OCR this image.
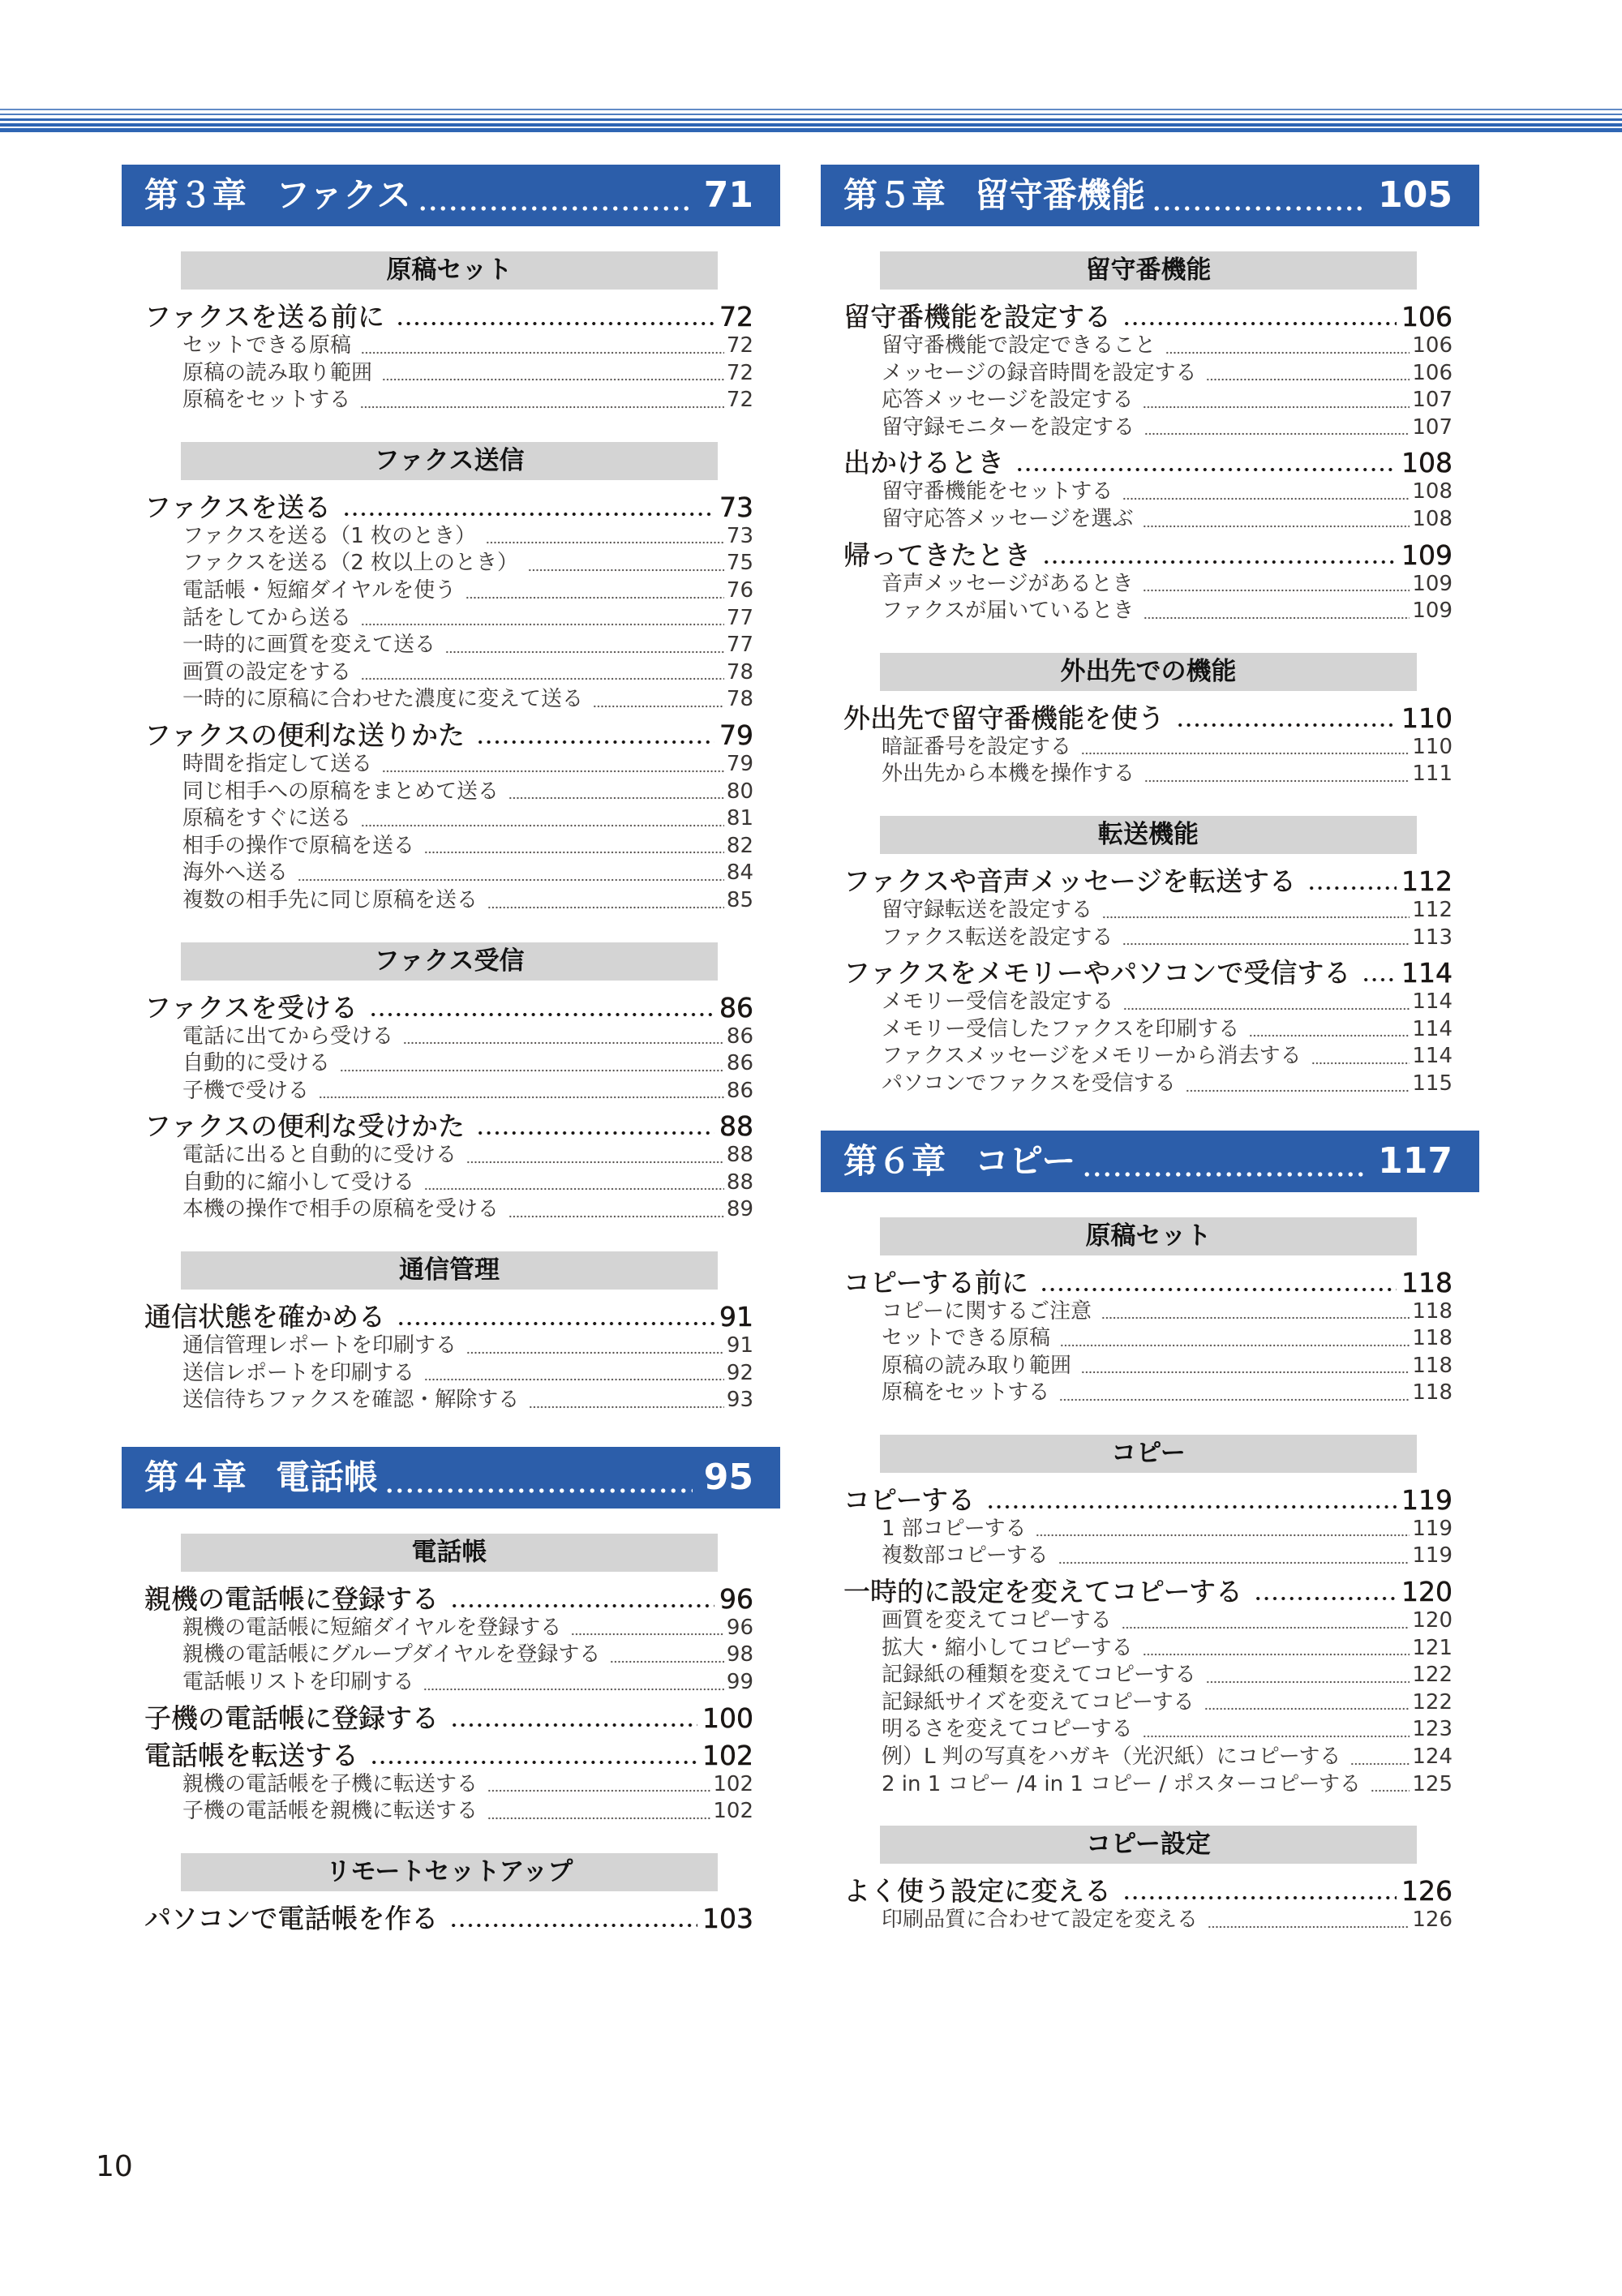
第３章 ファクス	71
原稿セット
ファクスを送る前に	72
セットできる原稿	72
原稿の読み取り範囲	72
原稿をセットする	72
ファクス送信
ファクスを送る	73
ファクスを送る（1 枚のとき）	73
ファクスを送る（2 枚以上のとき）	75
電話帳・短縮ダイヤルを使う	76
話をしてから送る	77
一時的に画質を変えて送る	77
画質の設定をする	78
一時的に原稿に合わせた濃度に変えて送る	78
ファクスの便利な送りかた	79
時間を指定して送る	79
同じ相手への原稿をまとめて送る	80
原稿をすぐに送る	81
相手の操作で原稿を送る	82
海外へ送る	84
複数の相手先に同じ原稿を送る	85
ファクス受信
ファクスを受ける	86
電話に出てから受ける	86
自動的に受ける	86
子機で受ける	86
ファクスの便利な受けかた	88
電話に出ると自動的に受ける	88
自動的に縮小して受ける	88
本機の操作で相手の原稿を受ける	89
通信管理
通信状態を確かめる	91
通信管理レポートを印刷する	91
送信レポートを印刷する	92
送信待ちファクスを確認・解除する	93
第４章 電話帳	95
電話帳
親機の電話帳に登録する	96
親機の電話帳に短縮ダイヤルを登録する	96
親機の電話帳にグループダイヤルを登録する	98
電話帳リストを印刷する	99
子機の電話帳に登録する	100
電話帳を転送する	102
親機の電話帳を子機に転送する	102
子機の電話帳を親機に転送する	102
リモートセットアップ
パソコンで電話帳を作る	103
第５章 留守番機能	105
留守番機能
留守番機能を設定する	106
留守番機能で設定できること	106
メッセージの録音時間を設定する	106
応答メッセージを設定する	107
留守録モニターを設定する	107
出かけるとき	108
留守番機能をセットする	108
留守応答メッセージを選ぶ	108
帰ってきたとき	109
音声メッセージがあるとき	109
ファクスが届いているとき	109
外出先での機能
外出先で留守番機能を使う	110
暗証番号を設定する	110
外出先から本機を操作する	111
転送機能
ファクスや音声メッセージを転送する	112
留守録転送を設定する	112
ファクス転送を設定する	113
ファクスをメモリーやパソコンで受信する 114
メモリー受信を設定する	114
メモリー受信したファクスを印刷する	114
ファクスメッセージをメモリーから消去する	114
パソコンでファクスを受信する	115
第６章 コピー	117
原稿セット
コピーする前に	118
コピーに関するご注意	118
セットできる原稿	118
原稿の読み取り範囲	118
原稿をセットする	118
コピー
コピーする	119
1 部コピーする	119
複数部コピーする	119
一時的に設定を変えてコピーする	120
画質を変えてコピーする	120
拡大・縮小してコピーする	121
記録紙の種類を変えてコピーする	122
記録紙サイズを変えてコピーする	122
明るさを変えてコピーする	123
例）L 判の写真をハガキ（光沢紙）にコピーする	124
2 in 1 コピー /4 in 1 コピー / ポスターコピーする 125
コピー設定
よく使う設定に変える	126
印刷品質に合わせて設定を変える	126
10
